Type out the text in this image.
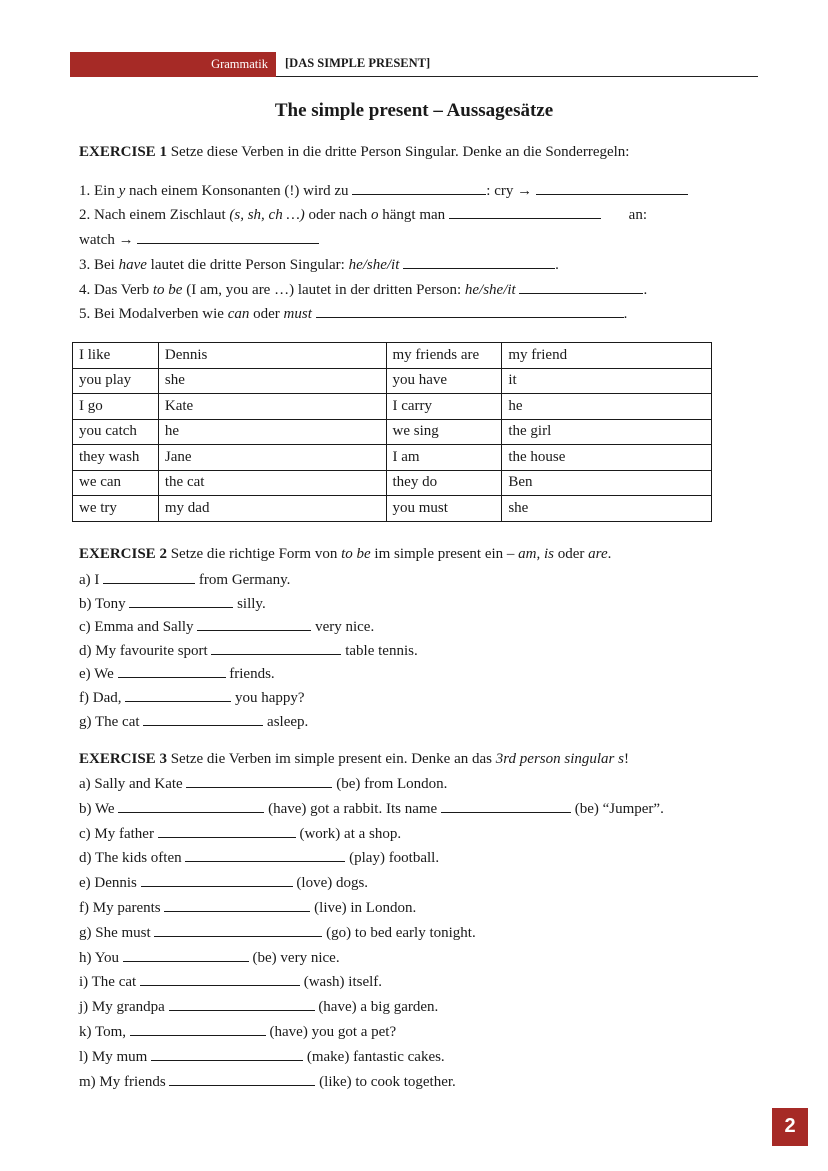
Grammatik [DAS SIMPLE PRESENT]
The simple present – Aussagesätze
EXERCISE 1 Setze diese Verben in die dritte Person Singular. Denke an die Sonderregeln:
1. Ein y nach einem Konsonanten (!) wird zu	: cry →
2. Nach einem Zischlaut (s, sh, ch …) oder nach o hängt man	an:
watch →
3. Bei have lautet die dritte Person Singular: he/she/it	.
4. Das Verb to be (I am, you are …) lautet in der dritten Person: he/she/it	.
5. Bei Modalverben wie can oder must	.
I like	Dennis	my friends are	my friend
you play	she	you have	it
I go	Kate	I carry	he
you catch	he	we sing	the girl
they wash	Jane	I am	the house
we can	the cat	they do	Ben
we try	my dad	you must	she
EXERCISE 2 Setze die richtige Form von to be im simple present ein – am, is oder are.
a) I	from Germany.
b) Tony	silly.
c) Emma and Sally	very nice.
d) My favourite sport	table tennis.
e) We	friends.
f) Dad,	you happy?
g) The cat	asleep.
EXERCISE 3 Setze die Verben im simple present ein. Denke an das 3rd person singular s!
a) Sally and Kate	(be) from London.
b) We	(have) got a rabbit. Its name	(be) “Jumper”.
c) My father	(work) at a shop.
d) The kids often	(play) football.
e) Dennis	(love) dogs.
f) My parents	(live) in London.
g) She must	(go) to bed early tonight.
h) You	(be) very nice.
i) The cat	(wash) itself.
j) My grandpa	(have) a big garden.
k) Tom,	(have) you got a pet?
l) My mum	(make) fantastic cakes.
m) My friends	(like) to cook together.
2
